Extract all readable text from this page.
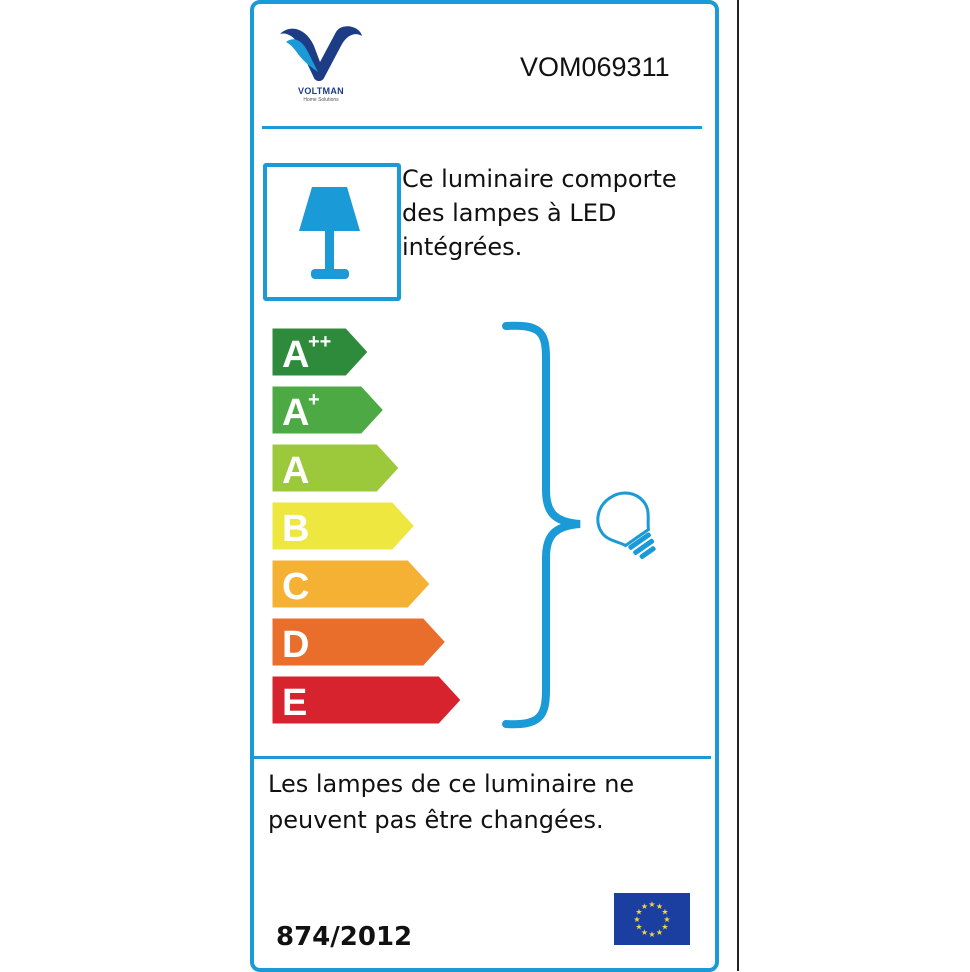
VOLTMAN
Home Solutions
VOM069311
Ce luminaire comporte des lampes à LED intégrées.
A
++
A
+
A
B
C
D
E
Les lampes de ce luminaire ne peuvent pas être changées.
874/2012
★ ★
★
★
★
★
★
★
★
★
★
★
